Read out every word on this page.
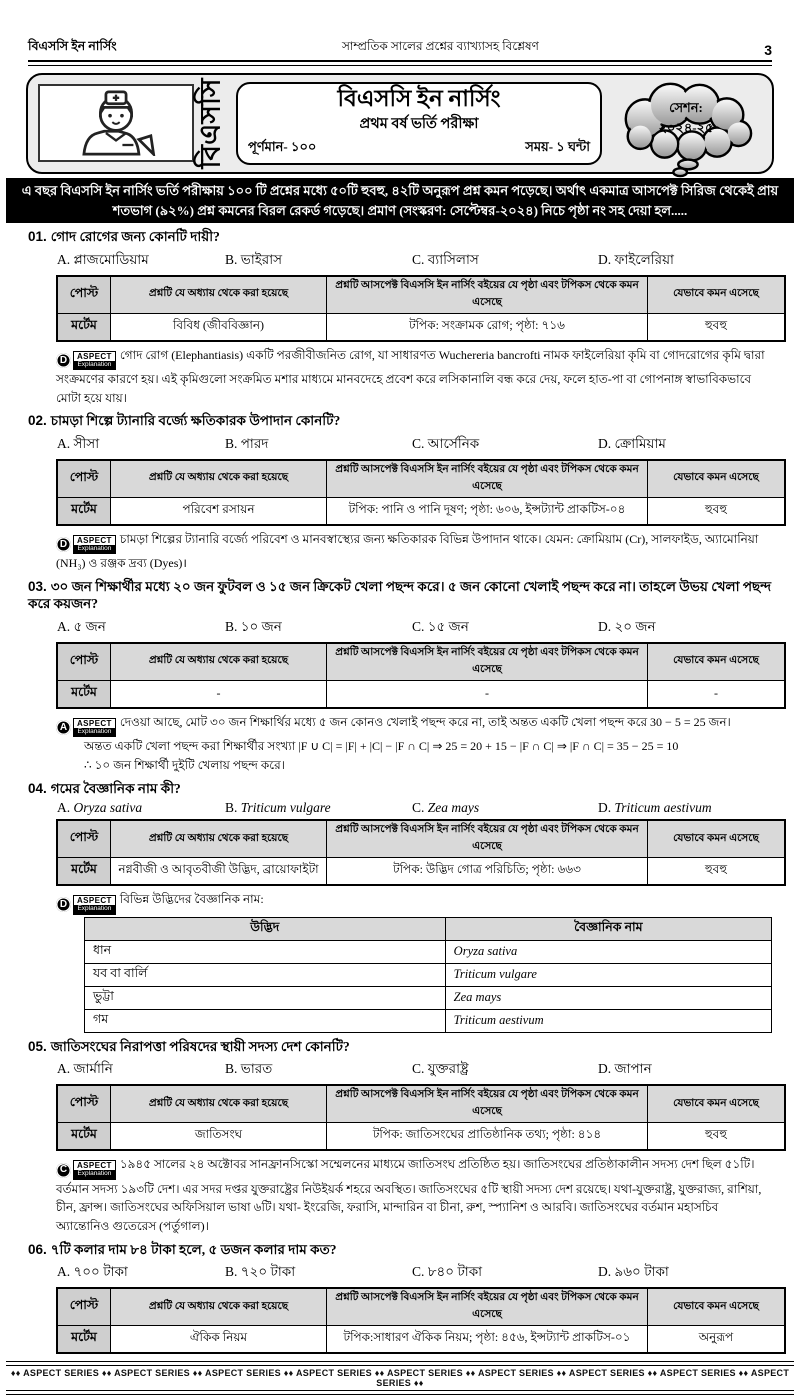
বিএসসি ইন নার্সিং	সাম্প্রতিক সালের প্রশ্নের ব্যাখ্যাসহ বিশ্লেষণ	3
বিএসসি	বিএসসি ইন নার্সিং
প্রথম বর্ষ ভর্তি পরীক্ষা
পূর্ণমান- ১০০	সময়- ১ ঘন্টা
সেশন:
২০২৪-২৫
এ বছর বিএসসি ইন নার্সিং ভর্তি পরীক্ষায় ১০০ টি প্রশ্নের মধ্যে ৫০টি হুবহু, ৪২টি অনুরূপ প্রশ্ন কমন পড়েছে। অর্থাৎ একমাত্র আসপেক্ট সিরিজ থেকেই প্রায় শতভাগ (৯২%) প্রশ্ন কমনের বিরল রেকর্ড গড়েছে। প্রমাণ (সংস্করণ: সেপ্টেম্বর-২০২৪) নিচে পৃষ্ঠা নং সহ দেয়া হল.....
01. গোদ রোগের জন্য কোনটি দায়ী?
A. প্লাজমোডিয়াম	B. ভাইরাস	C. ব্যাসিলাস	D. ফাইলেরিয়া
পোস্ট	প্রশ্নটি যে অধ্যায় থেকে করা হয়েছে	প্রশ্নটি আসপেক্ট বিএসসি ইন নার্সিং বইয়ের যে পৃষ্ঠা এবং টপিকস থেকে কমন এসেছে	যেভাবে কমন এসেছে
মর্টেম	বিবিধ (জীববিজ্ঞান)	টপিক: সংক্রামক রোগ; পৃষ্ঠা: ৭১৬	হুবহু
D	ASPECT
Explanation
গোদ রোগ (Elephantiasis) একটি পরজীবীজনিত রোগ, যা সাধারণত Wuchereria bancrofti নামক ফাইলেরিয়া কৃমি বা গোদরোগের কৃমি দ্বারা সংক্রমণের কারণে হয়। এই কৃমিগুলো সংক্রমিত মশার মাধ্যমে মানবদেহে প্রবেশ করে লসিকানালি বন্ধ করে দেয়, ফলে হাত-পা বা গোপনাঙ্গ স্বাভাবিকভাবে মোটা হয়ে যায়।
02. চামড়া শিল্পে ট্যানারি বর্জ্যে ক্ষতিকারক উপাদান কোনটি?
A. সীসা	B. পারদ	C. আর্সেনিক	D. ক্রোমিয়াম
পোস্ট	প্রশ্নটি যে অধ্যায় থেকে করা হয়েছে	প্রশ্নটি আসপেক্ট বিএসসি ইন নার্সিং বইয়ের যে পৃষ্ঠা এবং টপিকস থেকে কমন এসেছে	যেভাবে কমন এসেছে
মর্টেম	পরিবেশ রসায়ন	টপিক: পানি ও পানি দূষণ; পৃষ্ঠা: ৬০৬, ইন্সট্যান্ট প্রাকটিস-০৪	হুবহু
D	ASPECT
Explanation
চামড়া শিল্পের ট্যানারি বর্জ্যে পরিবেশ ও মানবস্বাস্থ্যের জন্য ক্ষতিকারক বিভিন্ন উপাদান থাকে। যেমন: ক্রোমিয়াম (Cr), সালফাইড, অ্যামোনিয়া (NH₃) ও রঞ্জক দ্রব্য (Dyes)।
03. ৩০ জন শিক্ষার্থীর মধ্যে ২০ জন ফুটবল ও ১৫ জন ক্রিকেট খেলা পছন্দ করে। ৫ জন কোনো খেলাই পছন্দ করে না। তাহলে উভয় খেলা পছন্দ করে কয়জন?
A. ৫ জন	B. ১০ জন	C. ১৫ জন	D. ২০ জন
পোস্ট	প্রশ্নটি যে অধ্যায় থেকে করা হয়েছে	প্রশ্নটি আসপেক্ট বিএসসি ইন নার্সিং বইয়ের যে পৃষ্ঠা এবং টপিকস থেকে কমন এসেছে	যেভাবে কমন এসেছে
মর্টেম	-	-	-
A	ASPECT
Explanation
দেওয়া আছে, মোট ৩০ জন শিক্ষার্থির মধ্যে ৫ জন কোনও খেলাই পছন্দ করে না, তাই অন্তত একটি খেলা পছন্দ করে 30 − 5 = 25 জন।
অন্তত একটি খেলা পছন্দ করা শিক্ষার্থীর সংখ্যা |F ∪ C| = |F| + |C| − |F ∩ C| ⇒ 25 = 20 + 15 − |F ∩ C| ⇒ |F ∩ C| = 35 − 25 = 10
∴ ১০ জন শিক্ষার্থী দুইটি খেলায় পছন্দ করে।
04. গমের বৈজ্ঞানিক নাম কী?
A. Oryza sativa	B. Triticum vulgare	C. Zea mays	D. Triticum aestivum
পোস্ট	প্রশ্নটি যে অধ্যায় থেকে করা হয়েছে	প্রশ্নটি আসপেক্ট বিএসসি ইন নার্সিং বইয়ের যে পৃষ্ঠা এবং টপিকস থেকে কমন এসেছে	যেভাবে কমন এসেছে
মর্টেম	নগ্নবীজী ও আবৃতবীজী উদ্ভিদ, ব্রায়োফাইটা	টপিক: উদ্ভিদ গোত্র পরিচিতি; পৃষ্ঠা: ৬৬৩	হুবহু
D	ASPECT
Explanation
বিভিন্ন উদ্ভিদের বৈজ্ঞানিক নাম:
উদ্ভিদ	বৈজ্ঞানিক নাম
ধান	Oryza sativa
যব বা বার্লি	Triticum vulgare
ভুট্টা	Zea mays
গম	Triticum aestivum
05. জাতিসংঘের নিরাপত্তা পরিষদের স্থায়ী সদস্য দেশ কোনটি?
A. জার্মানি	B. ভারত	C. যুক্তরাষ্ট্র	D. জাপান
পোস্ট	প্রশ্নটি যে অধ্যায় থেকে করা হয়েছে	প্রশ্নটি আসপেক্ট বিএসসি ইন নার্সিং বইয়ের যে পৃষ্ঠা এবং টপিকস থেকে কমন এসেছে	যেভাবে কমন এসেছে
মর্টেম	জাতিসংঘ	টপিক: জাতিসংঘের প্রাতিষ্ঠানিক তথ্য; পৃষ্ঠা: ৪১৪	হুবহু
C	ASPECT
Explanation
১৯৪৫ সালের ২৪ অক্টোবর সানফ্রানসিস্কো সম্মেলনের মাধ্যমে জাতিসংঘ প্রতিষ্ঠিত হয়। জাতিসংঘের প্রতিষ্ঠাকালীন সদস্য দেশ ছিল ৫১টি। বর্তমান সদস্য ১৯৩টি দেশ। এর সদর দপ্তর যুক্তরাষ্ট্রের নিউইয়র্ক শহরে অবস্থিত। জাতিসংঘের ৫টি স্থায়ী সদস্য দেশ রয়েছে। যথা-যুক্তরাষ্ট্র, যুক্তরাজ্য, রাশিয়া, চীন, ফ্রান্স। জাতিসংঘের অফিসিয়াল ভাষা ৬টি। যথা- ইংরেজি, ফরাসি, মান্দারিন বা চীনা, রুশ, স্প্যানিশ ও আরবি। জাতিসংঘের বর্তমান মহাসচিব অ্যান্তোনিও গুতেরেস (পর্তুগাল)।
06. ৭টি কলার দাম ৮৪ টাকা হলে, ৫ ডজন কলার দাম কত?
A. ৭০০ টাকা	B. ৭২০ টাকা	C. ৮৪০ টাকা	D. ৯৬০ টাকা
পোস্ট	প্রশ্নটি যে অধ্যায় থেকে করা হয়েছে	প্রশ্নটি আসপেক্ট বিএসসি ইন নার্সিং বইয়ের যে পৃষ্ঠা এবং টপিকস থেকে কমন এসেছে	যেভাবে কমন এসেছে
মর্টেম	ঐকিক নিয়ম	টপিক:সাধারণ ঐকিক নিয়ম; পৃষ্ঠা: ৪৫৬, ইন্সট্যান্ট প্রাকটিস-০১	অনুরূপ
♦♦ ASPECT SERIES ♦♦ ASPECT SERIES ♦♦ ASPECT SERIES ♦♦ ASPECT SERIES ♦♦ ASPECT SERIES ♦♦ ASPECT SERIES ♦♦ ASPECT SERIES ♦♦ ASPECT SERIES ♦♦ ASPECT SERIES ♦♦
